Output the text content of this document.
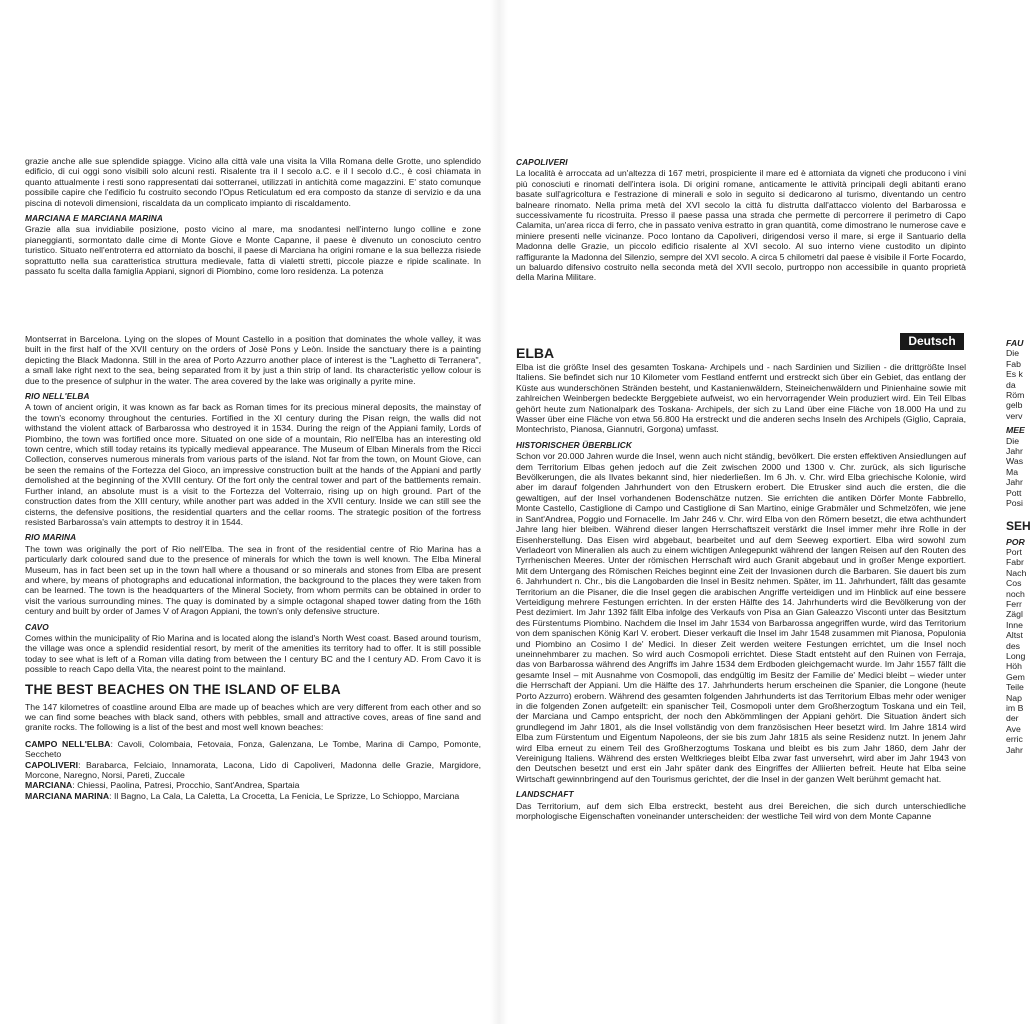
grazie anche alle sue splendide spiagge. Vicino alla città vale una visita la Villa Romana delle Grotte, uno splendido edificio, di cui oggi sono visibili solo alcuni resti. Risalente tra il I secolo a.C. e il I secolo d.C., è così chiamata in quanto attualmente i resti sono rappresentati dai sotterranei, utilizzati in antichità come magazzini. E' stato comunque possibile capire che l'edificio fu costruito secondo l'Opus Reticulatum ed era composto da stanze di servizio e da una piscina di notevoli dimensioni, riscaldata da un complicato impianto di riscaldamento.

MARCIANA E MARCIANA MARINA

Grazie alla sua invidiabile posizione, posto vicino al mare, ma snodantesi nell'interno lungo colline e zone pianeggianti, sormontato dalle cime di Monte Giove e Monte Capanne, il paese è divenuto un conosciuto centro turistico. Situato nell'entroterra ed attorniato da boschi, il paese di Marciana ha origini romane e la sua bellezza risiede soprattutto nella sua caratteristica struttura medievale, fatta di vialetti stretti, piccole piazze e ripide scalinate. In passato fu scelta dalla famiglia Appiani, signori di Piombino, come loro residenza. La potenza

CAPOLIVERI

La località è arroccata ad un'altezza di 167 metri, prospiciente il mare ed è attorniata da vigneti che producono i vini più conosciuti e rinomati dell'intera isola. Di origini romane, anticamente le attività principali degli abitanti erano basate sull'agricoltura e l'estrazione di minerali e solo in seguito si dedicarono al turismo, diventando un centro balneare rinomato. Nella prima metà del XVI secolo la città fu distrutta dall'attacco violento del Barbarossa e successivamente fu ricostruita. Presso il paese passa una strada che permette di percorrere il perimetro di Capo Calamita, un'area ricca di ferro, che in passato veniva estratto in gran quantità, come dimostrano le numerose cave e miniere presenti nelle vicinanze. Poco lontano da Capoliveri, dirigendosi verso il mare, si erge il Santuario della Madonna delle Grazie, un piccolo edificio risalente al XVI secolo. Al suo interno viene custodito un dipinto raffigurante la Madonna del Silenzio, sempre del XVI secolo. A circa 5 chilometri dal paese è visibile il Forte Focardo, un baluardo difensivo costruito nella seconda metà del XVII secolo, purtroppo non accessibile in quanto proprietà della Marina Militare.

Montserrat in Barcelona. Lying on the slopes of Mount Castello in a position that dominates the whole valley, it was built in the first half of the XVII century on the orders of Josè Pons y Leòn. Inside the sanctuary there is a painting depicting the Black Madonna. Still in the area of Porto Azzurro another place of interest is the "Laghetto di Terranera", a small lake right next to the sea, being separated from it by just a thin strip of land. Its characteristic yellow colour is due to the presence of sulphur in the water. The area covered by the lake was originally a pyrite mine.

RIO NELL'ELBA

A town of ancient origin, it was known as far back as Roman times for its precious mineral deposits, the mainstay of the town's economy throughout the centuries. Fortified in the XI century during the Pisan reign, the walls did not withstand the violent attack of Barbarossa who destroyed it in 1534. During the reign of the Appiani family, Lords of Piombino, the town was fortified once more. Situated on one side of a mountain, Rio nell'Elba has an interesting old town centre, which still today retains its typically medieval appearance. The Museum of Elban Minerals from the Ricci Collection, conserves numerous minerals from various parts of the island. Not far from the town, on Mount Giove, can be seen the remains of the Fortezza del Gioco, an impressive construction built at the hands of the Appiani and partly demolished at the beginning of the XVIII century. Of the fort only the central tower and part of the battlements remain. Further inland, an absolute must is a visit to the Fortezza del Volterraio, rising up on high ground. Part of the construction dates from the XIII century, while another part was added in the XVII century. Inside we can still see the cisterns, the defensive positions, the residential quarters and the cellar rooms. The strategic position of the fortress resisted Barbarossa's vain attempts to destroy it in 1544.

RIO MARINA

The town was originally the port of Rio nell'Elba. The sea in front of the residential centre of Rio Marina has a particularly dark coloured sand due to the presence of minerals for which the town is well known. The Elba Mineral Museum, has in fact been set up in the town hall where a thousand or so minerals and stones from Elba are present and where, by means of photographs and educational information, the background to the places they were taken from can be learned. The town is the headquarters of the Mineral Society, from whom permits can be obtained in order to visit the various surrounding mines. The quay is dominated by a simple octagonal shaped tower dating from the 16th century and built by order of James V of Aragon Appiani, the town's only defensive structure.

CAVO

Comes within the municipality of Rio Marina and is located along the island's North West coast. Based around tourism, the village was once a splendid residential resort, by merit of the amenities its territory had to offer. It is still possible today to see what is left of a Roman villa dating from between the I century BC and the I century AD. From Cavo it is possible to reach Capo della Vita, the nearest point to the mainland.

THE BEST BEACHES ON THE ISLAND OF ELBA

The 147 kilometres of coastline around Elba are made up of beaches which are very different from each other and so we can find some beaches with black sand, others with pebbles, small and attractive coves, areas of fine sand and granite rocks. The following is a list of the best and most well known beaches:

CAMPO NELL'ELBA: Cavoli, Colombaia, Fetovaia, Fonza, Galenzana, Le Tombe, Marina di Campo, Pomonte, Seccheto

CAPOLIVERI: Barabarca, Felciaio, Innamorata, Lacona, Lido di Capoliveri, Madonna delle Grazie, Margidore, Morcone, Naregno, Norsi, Pareti, Zuccale

MARCIANA: Chiessi, Paolina, Patresi, Procchio, Sant'Andrea, Spartaia

MARCIANA MARINA: Il Bagno, La Cala, La Caletta, La Crocetta, La Fenicia, Le Sprizze, Lo Schioppo, Marciana

Deutsch
ELBA

Elba ist die größte Insel des gesamten Toskana- Archipels und - nach Sardinien und Sizilien - die drittgrößte Insel Italiens. Sie befindet sich nur 10 Kilometer vom Festland entfernt und erstreckt sich über ein Gebiet, das entlang der Küste aus wunderschönen Stränden besteht, und Kastanienwäldern, Steineichenwäldern und Pinienhaine sowie mit zahlreichen Weinbergen bedeckte Berggebiete aufweist, wo ein hervorragender Wein produziert wird. Ein Teil Elbas gehört heute zum Nationalpark des Toskana- Archipels, der sich zu Land über eine Fläche von 18.000 Ha und zu Wasser über eine Fläche von etwa 56.800 Ha erstreckt und die anderen sechs Inseln des Archipels (Giglio, Capraia, Montechristo, Pianosa, Giannutri, Gorgona) umfasst.

HISTORISCHER ÜBERBLICK

Schon vor 20.000 Jahren wurde die Insel, wenn auch nicht ständig, bevölkert. Die ersten effektiven Ansiedlungen auf dem Territorium Elbas gehen jedoch auf die Zeit zwischen 2000 und 1300 v. Chr. zurück, als sich ligurische Bevölkerungen, die als Ilvates bekannt sind, hier niederließen. Im 6 Jh. v. Chr. wird Elba griechische Kolonie, wird aber im darauf folgenden Jahrhundert von den Etruskern erobert. Die Etrusker sind auch die ersten, die die gewaltigen, auf der Insel vorhandenen Bodenschätze nutzen. Sie errichten die antiken Dörfer Monte Fabbrello, Monte Castello, Castiglione di Campo und Castiglione di San Martino, einige Grabmäler und Schmelzöfen, wie jene in Sant'Andrea, Poggio und Fornacelle. Im Jahr 246 v. Chr. wird Elba von den Römern besetzt, die etwa achthundert Jahre lang hier bleiben. Während dieser langen Herrschaftszeit verstärkt die Insel immer mehr ihre Rolle in der Eisenherstellung. Das Eisen wird abgebaut, bearbeitet und auf dem Seeweg exportiert. Elba wird sowohl zum Verladeort von Mineralien als auch zu einem wichtigen Anlegepunkt während der langen Reisen auf den Routen des Tyrrhenischen Meeres. Unter der römischen Herrschaft wird auch Granit abgebaut und in großer Menge exportiert. Mit dem Untergang des Römischen Reiches beginnt eine Zeit der Invasionen durch die Barbaren. Sie dauert bis zum 6. Jahrhundert n. Chr., bis die Langobarden die Insel in Besitz nehmen. Später, im 11. Jahrhundert, fällt das gesamte Territorium an die Pisaner, die die Insel gegen die arabischen Angriffe verteidigen und im Hinblick auf eine bessere Verteidigung mehrere Festungen errichten. In der ersten Hälfte des 14. Jahrhunderts wird die Bevölkerung von der Pest dezimiert. Im Jahr 1392 fällt Elba infolge des Verkaufs von Pisa an Gian Galeazzo Visconti unter das Besitztum des Fürstentums Piombino. Nachdem die Insel im Jahr 1534 von Barbarossa angegriffen wurde, wird das Territorium von dem spanischen König Karl V. erobert. Dieser verkauft die Insel im Jahr 1548 zusammen mit Pianosa, Populonia und Piombino an Cosimo I de' Medici. In dieser Zeit werden weitere Festungen errichtet, um die Insel noch uneinnehmbarer zu machen. So wird auch Cosmopoli errichtet. Diese Stadt entsteht auf den Ruinen von Ferraja, das von Barbarossa während des Angriffs im Jahre 1534 dem Erdboden gleichgemacht wurde. Im Jahr 1557 fällt die gesamte Insel – mit Ausnahme von Cosmopoli, das endgültig im Besitz der Familie de' Medici bleibt – wieder unter die Herrschaft der Appiani. Um die Hälfte des 17. Jahrhunderts herum erscheinen die Spanier, die Longone (heute Porto Azzurro) erobern. Während des gesamten folgenden Jahrhunderts ist das Territorium Elbas mehr oder weniger in die folgenden Zonen aufgeteilt: ein spanischer Teil, Cosmopoli unter dem Großherzogtum Toskana und ein Teil, der Marciana und Campo entspricht, der noch den Abkömmlingen der Appiani gehört. Die Situation ändert sich grundlegend im Jahr 1801, als die Insel vollständig von dem französischen Heer besetzt wird. Im Jahre 1814 wird Elba zum Fürstentum und Eigentum Napoleons, der sie bis zum Jahr 1815 als seine Residenz nutzt. In jenem Jahr wird Elba erneut zu einem Teil des Großherzogtums Toskana und bleibt es bis zum Jahr 1860, dem Jahr der Vereinigung Italiens. Während des ersten Weltkrieges bleibt Elba zwar fast unversehrt, wird aber im Jahr 1943 von den Deutschen besetzt und erst ein Jahr später dank des Eingriffes der Alliierten befreit. Heute hat Elba seine Wirtschaft gewinnbringend auf den Tourismus gerichtet, der die Insel in der ganzen Welt berühmt gemacht hat.

LANDSCHAFT

Das Territorium, auf dem sich Elba erstreckt, besteht aus drei Bereichen, die sich durch unterschiedliche morphologische Eigenschaften voneinander unterscheiden: der westliche Teil wird von dem Monte Capanne

FAU
Die
Fab
Es k
da
Röm
gelb
verv
MEE
Die
Jahr
Was
Ma
Jahr
Pott
Posi
SEH
POR
Port
Fabr
Nach
Cos
noch
Ferr
Zägl
Inne
Altst
des
Long
Höh
Gem
Teile
Nap
im B
der
Ave
erric
Jahr
